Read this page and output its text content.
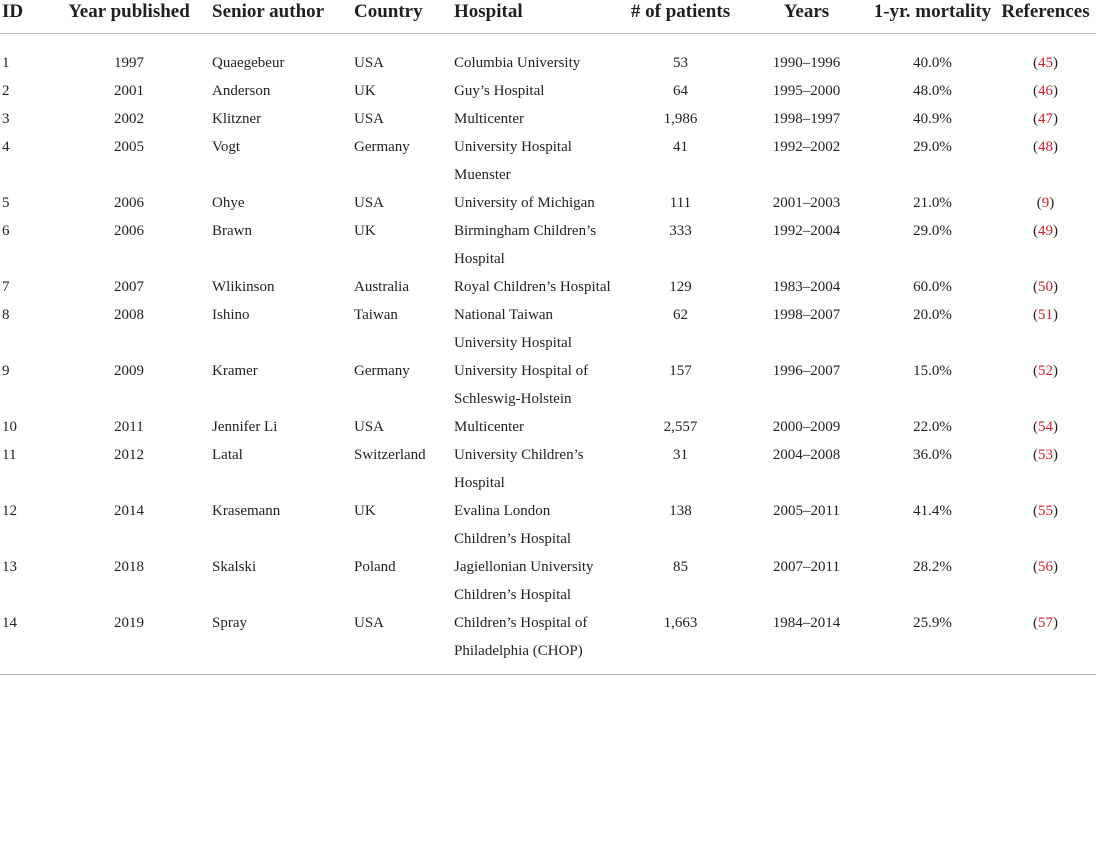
ID	Year published	Senior author	Country	Hospital	# of patients	Years	1-yr. mortality	References
1	1997	Quaegebeur	USA	Columbia University	53	1990–1996	40.0%	(45)
2	2001	Anderson	UK	Guy’s Hospital	64	1995–2000	48.0%	(46)
3	2002	Klitzner	USA	Multicenter	1,986	1998–1997	40.9%	(47)
4	2005	Vogt	Germany	University Hospital Muenster	41	1992–2002	29.0%	(48)
5	2006	Ohye	USA	University of Michigan	111	2001–2003	21.0%	(9)
6	2006	Brawn	UK	Birmingham Children’s Hospital	333	1992–2004	29.0%	(49)
7	2007	Wlikinson	Australia	Royal Children’s Hospital	129	1983–2004	60.0%	(50)
8	2008	Ishino	Taiwan	National Taiwan University Hospital	62	1998–2007	20.0%	(51)
9	2009	Kramer	Germany	University Hospital of Schleswig-Holstein	157	1996–2007	15.0%	(52)
10	2011	Jennifer Li	USA	Multicenter	2,557	2000–2009	22.0%	(54)
11	2012	Latal	Switzerland	University Children’s Hospital	31	2004–2008	36.0%	(53)
12	2014	Krasemann	UK	Evalina London Children’s Hospital	138	2005–2011	41.4%	(55)
13	2018	Skalski	Poland	Jagiellonian University Children’s Hospital	85	2007–2011	28.2%	(56)
14	2019	Spray	USA	Children’s Hospital of Philadelphia (CHOP)	1,663	1984–2014	25.9%	(57)
